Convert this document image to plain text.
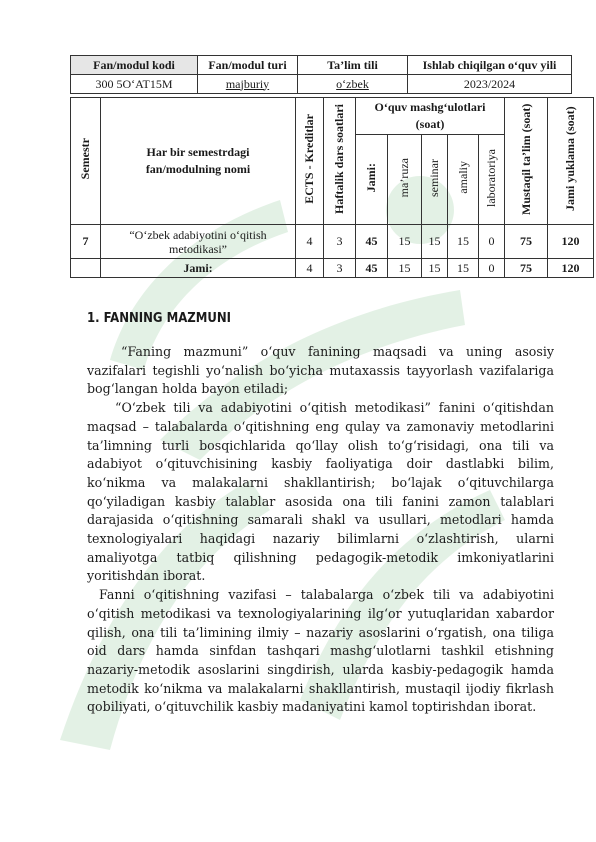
Fan/modul kodi	Fan/modul turi	Ta’lim tili	Ishlab chiqilgan o‘quv yili
300 5O‘AT15M	majburiy	o‘zbek	2023/2024
Semestr	Har bir semestrdagi fan/modulning nomi	ECTS - Kreditlar	Haftalik dars soatlari	O‘quv mashg‘ulotlari (soat)					Mustaqil ta’lim (soat)	Jami yuklama (soat)
				Jami:	ma’ruza	seminar	amaliy	laboratoriya		
7	“O‘zbek adabiyotini o‘qitish metodikasi”	4	3	45	15	15	15	0	75	120
	Jami:	4	3	45	15	15	15	0	75	120
1. FANNING MAZMUNI

“Faning mazmuni” o‘quv fanining maqsadi va uning asosiy vazifalari tegishli yo‘nalish bo‘yicha mutaxassis tayyorlash vazifalariga bog‘langan holda bayon etiladi;

“O‘zbek tili va adabiyotini o‘qitish metodikasi” fanini o‘qitishdan maqsad – talabalarda o‘qitishning eng qulay va zamonaviy metodlarini ta’limning turli bosqichlarida qo‘llay olish to‘g‘risidagi, ona tili va adabiyot o‘qituvchisining kasbiy faoliyatiga doir dastlabki bilim, ko‘nikma va malakalarni shakllantirish; bo‘lajak o‘qituvchilarga qo‘yiladigan kasbiy talablar asosida ona tili fanini zamon talablari darajasida o‘qitishning samarali shakl va usullari, metodlari hamda texnologiyalari haqidagi nazariy bilimlarni o‘zlashtirish, ularni amaliyotga tatbiq qilishning pedagogik-metodik imkoniyatlarini yoritishdan iborat.

Fanni o‘qitishning vazifasi – talabalarga o‘zbek tili va adabiyotini o‘qitish metodikasi va texnologiyalarining ilg‘or yutuqlaridan xabardor qilish, ona tili ta’limining ilmiy – nazariy asoslarini o‘rgatish, ona tiliga oid dars hamda sinfdan tashqari mashg‘ulotlarni tashkil etishning nazariy-metodik asoslarini singdirish, ularda kasbiy-pedagogik hamda metodik ko‘nikma va malakalarni shakllantirish, mustaqil ijodiy fikrlash qobiliyati, o‘qituvchilik kasbiy madaniyatini kamol toptirishdan iborat.
